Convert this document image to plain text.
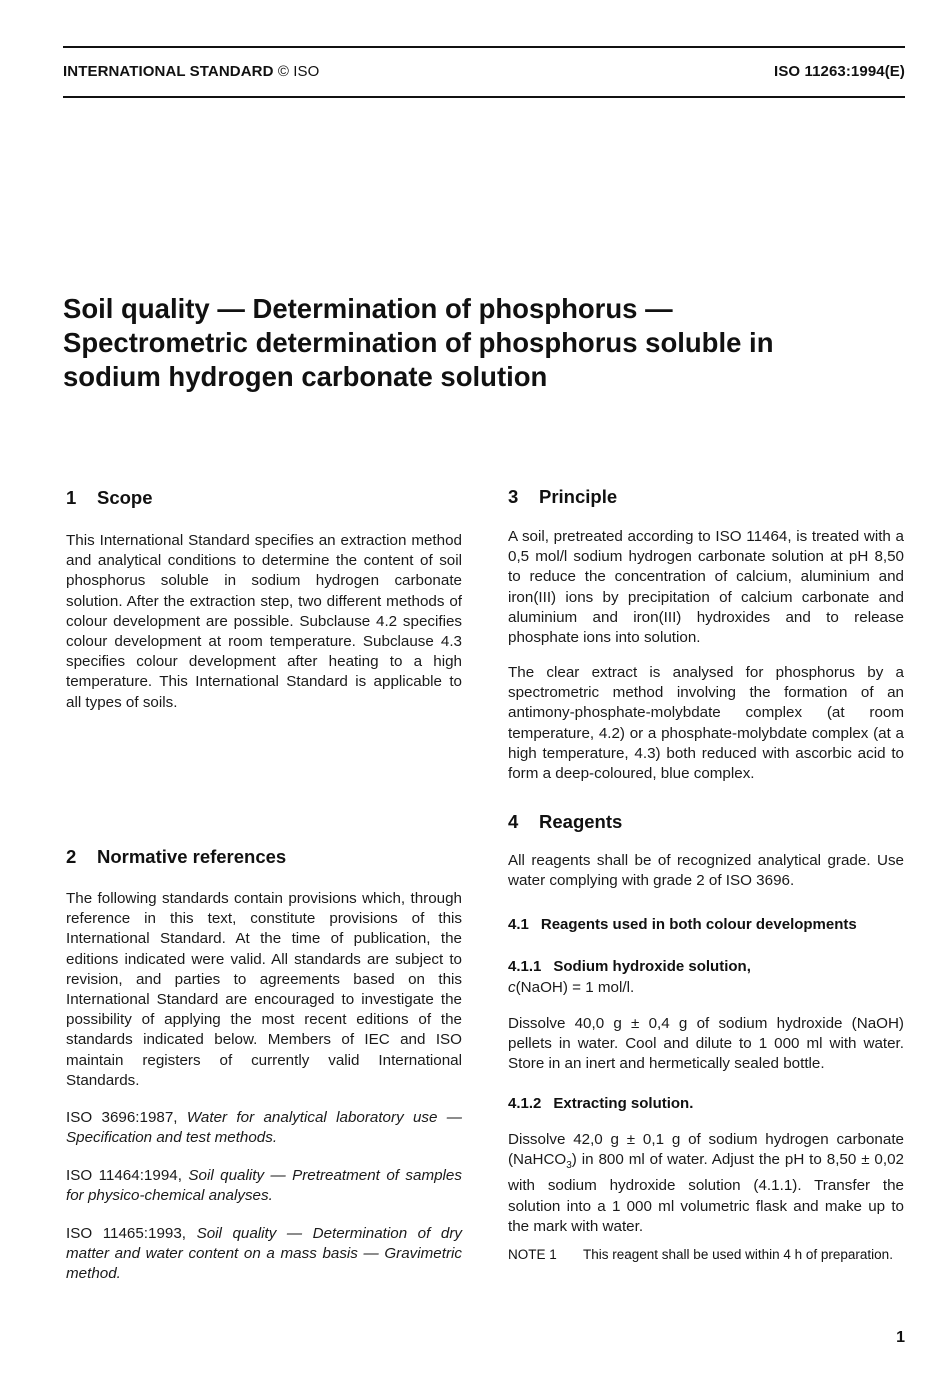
INTERNATIONAL STANDARD © ISO	ISO 11263:1994(E)
Soil quality — Determination of phosphorus —
Spectrometric determination of phosphorus soluble in
sodium hydrogen carbonate solution
1 Scope

This International Standard specifies an extraction method and analytical conditions to determine the content of soil phosphorus soluble in sodium hydrogen carbonate solution. After the extraction step, two different methods of colour development are possible. Subclause 4.2 specifies colour development at room temperature. Subclause 4.3 specifies colour development after heating to a high temperature. This International Standard is applicable to all types of soils.

2 Normative references

The following standards contain provisions which, through reference in this text, constitute provisions of this International Standard. At the time of publication, the editions indicated were valid. All standards are subject to revision, and parties to agreements based on this International Standard are encouraged to investigate the possibility of applying the most recent editions of the standards indicated below. Members of IEC and ISO maintain registers of currently valid International Standards.

ISO 3696:1987, Water for analytical laboratory use — Specification and test methods.
ISO 11464:1994, Soil quality — Pretreatment of samples for physico-chemical analyses.
ISO 11465:1993, Soil quality — Determination of dry matter and water content on a mass basis — Gravimetric method.
3 Principle

A soil, pretreated according to ISO 11464, is treated with a 0,5 mol/l sodium hydrogen carbonate solution at pH 8,50 to reduce the concentration of calcium, aluminium and iron(III) ions by precipitation of calcium carbonate and aluminium and iron(III) hydroxides and to release phosphate ions into solution.

The clear extract is analysed for phosphorus by a spectrometric method involving the formation of an antimony-phosphate-molybdate complex (at room temperature, 4.2) or a phosphate-molybdate complex (at a high temperature, 4.3) both reduced with ascorbic acid to form a deep-coloured, blue complex.

4 Reagents

All reagents shall be of recognized analytical grade. Use water complying with grade 2 of ISO 3696.

4.1 Reagents used in both colour developments
4.1.1 Sodium hydroxide solution,
c(NaOH) = 1 mol/l.

Dissolve 40,0 g ± 0,4 g of sodium hydroxide (NaOH) pellets in water. Cool and dilute to 1 000 ml with water. Store in an inert and hermetically sealed bottle.

4.1.2 Extracting solution.
Dissolve 42,0 g ± 0,1 g of sodium hydrogen carbonate (NaHCO$_3$) in 800 ml of water. Adjust the pH to 8,50 ± 0,02 with sodium hydroxide solution (4.1.1). Transfer the solution into a 1 000 ml volumetric flask and make up to the mark with water.
NOTE 1 This reagent shall be used within 4 h of preparation.
1
